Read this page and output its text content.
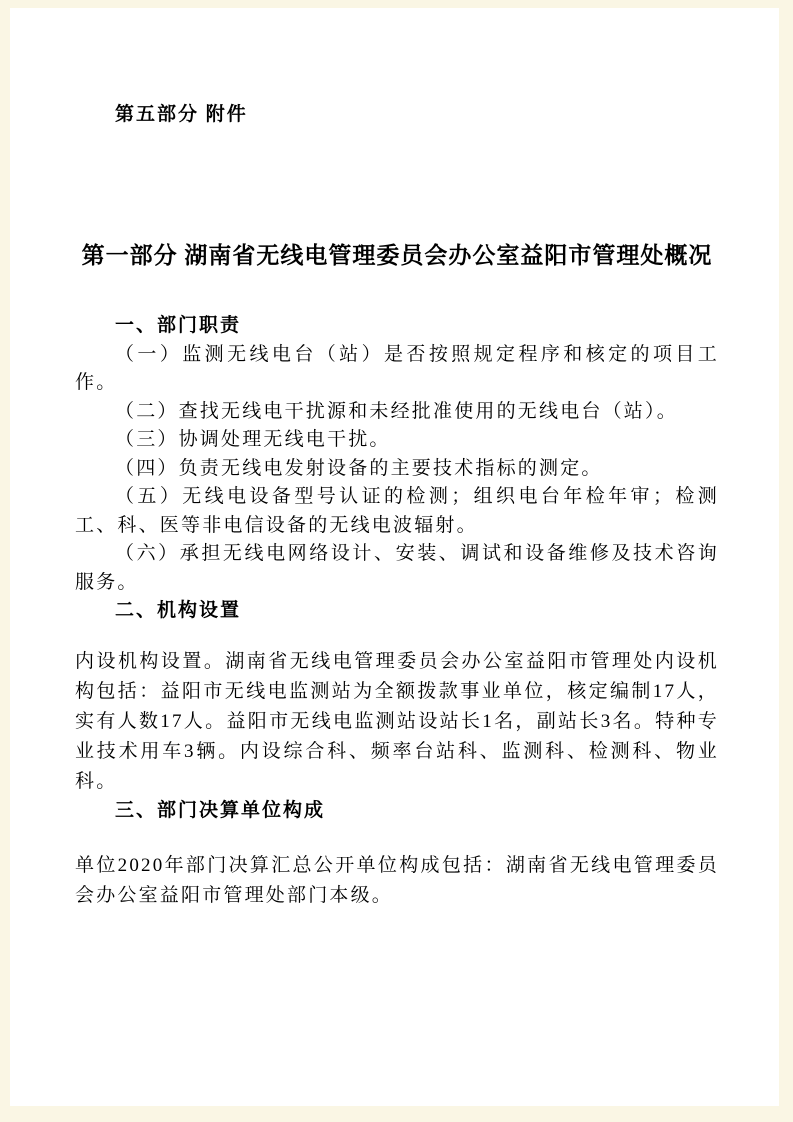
第五部分 附件

第一部分 湖南省无线电管理委员会办公室益阳市管理处概况
一、部门职责

（一）监测无线电台（站）是否按照规定程序和核定的项目工作。

（二）查找无线电干扰源和未经批准使用的无线电台（站）。

（三）协调处理无线电干扰。

（四）负责无线电发射设备的主要技术指标的测定。

（五）无线电设备型号认证的检测；组织电台年检年审；检测工、科、医等非电信设备的无线电波辐射。

（六）承担无线电网络设计、安装、调试和设备维修及技术咨询服务。

二、机构设置

内设机构设置。湖南省无线电管理委员会办公室益阳市管理处内设机构包括：益阳市无线电监测站为全额拨款事业单位，核定编制17人，实有人数17人。益阳市无线电监测站设站长1名，副站长3名。特种专业技术用车3辆。内设综合科、频率台站科、监测科、检测科、物业科。

三、部门决算单位构成

单位2020年部门决算汇总公开单位构成包括：湖南省无线电管理委员会办公室益阳市管理处部门本级。
